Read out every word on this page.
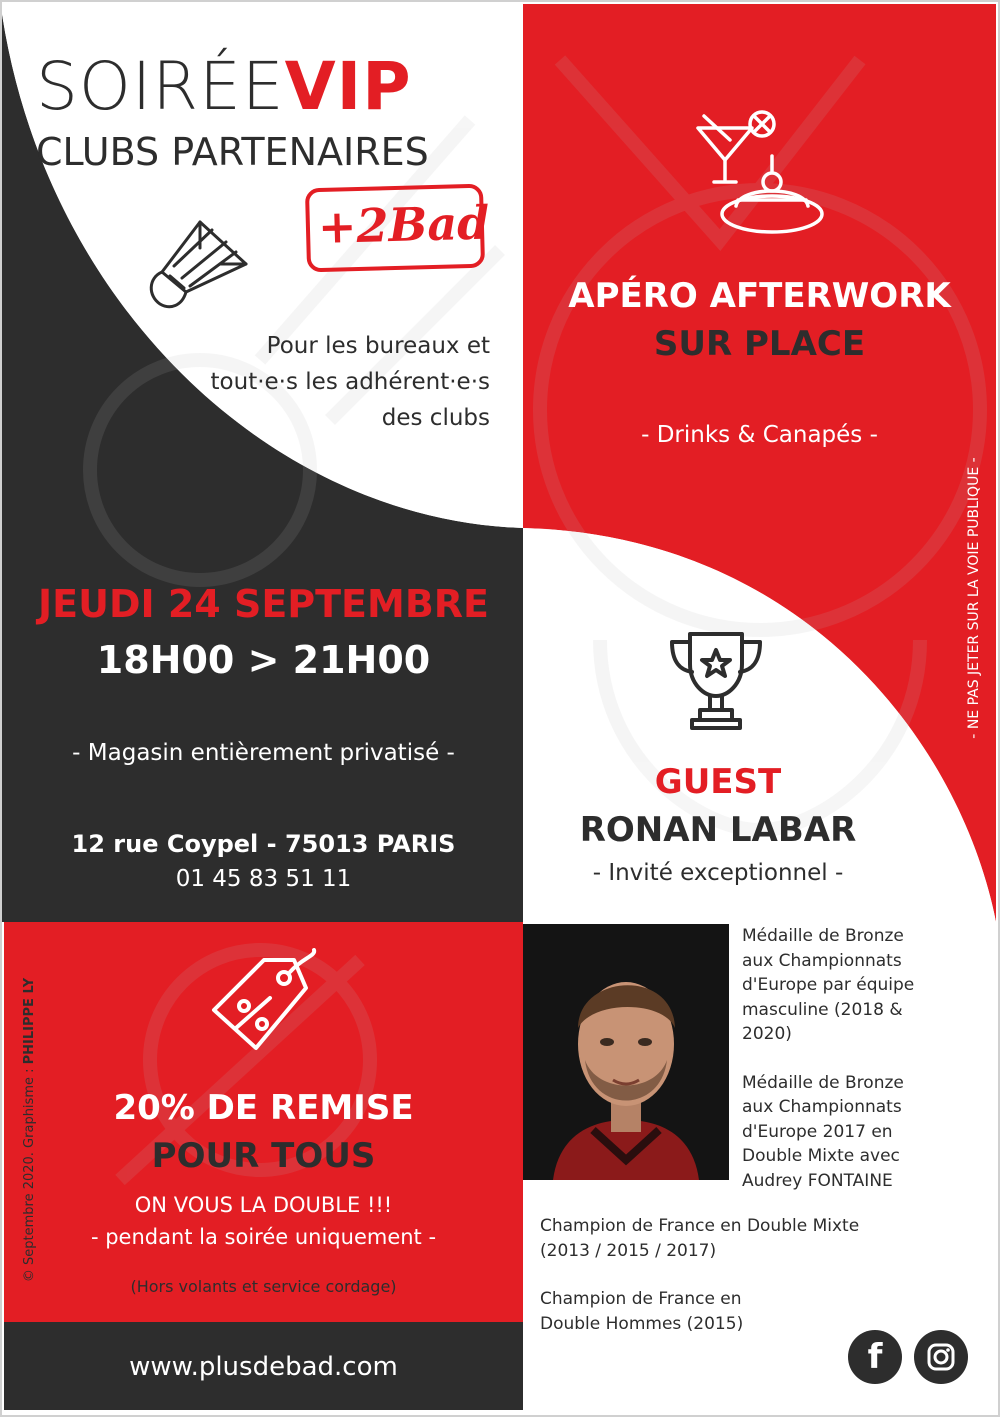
SOIRÉEVIP
CLUBS PARTENAIRES
+2Bad
Pour les bureaux et
tout·e·s les adhérent·e·s
des clubs
APÉRO AFTERWORK
SUR PLACE
- Drinks & Canapés -
- NE PAS JETER SUR LA VOIE PUBLIQUE -
JEUDI 24 SEPTEMBRE
18H00 > 21H00
- Magasin entièrement privatisé -
12 rue Coypel - 75013 PARIS
01 45 83 51 11
GUEST
RONAN LABAR
- Invité exceptionnel -
Médaille de Bronze
aux Championnats
d'Europe par équipe
masculine (2018 &
2020)
Médaille de Bronze
aux Championnats
d'Europe 2017 en
Double Mixte avec
Audrey FONTAINE
Champion de France en Double Mixte
(2013 / 2015 / 2017)
Champion de France en
Double Hommes (2015)
f
20% DE REMISE
POUR TOUS
ON VOUS LA DOUBLE !!!
- pendant la soirée uniquement -
(Hors volants et service cordage)
© Septembre 2020. Graphisme : PHILIPPE LY
www.plusdebad.com
